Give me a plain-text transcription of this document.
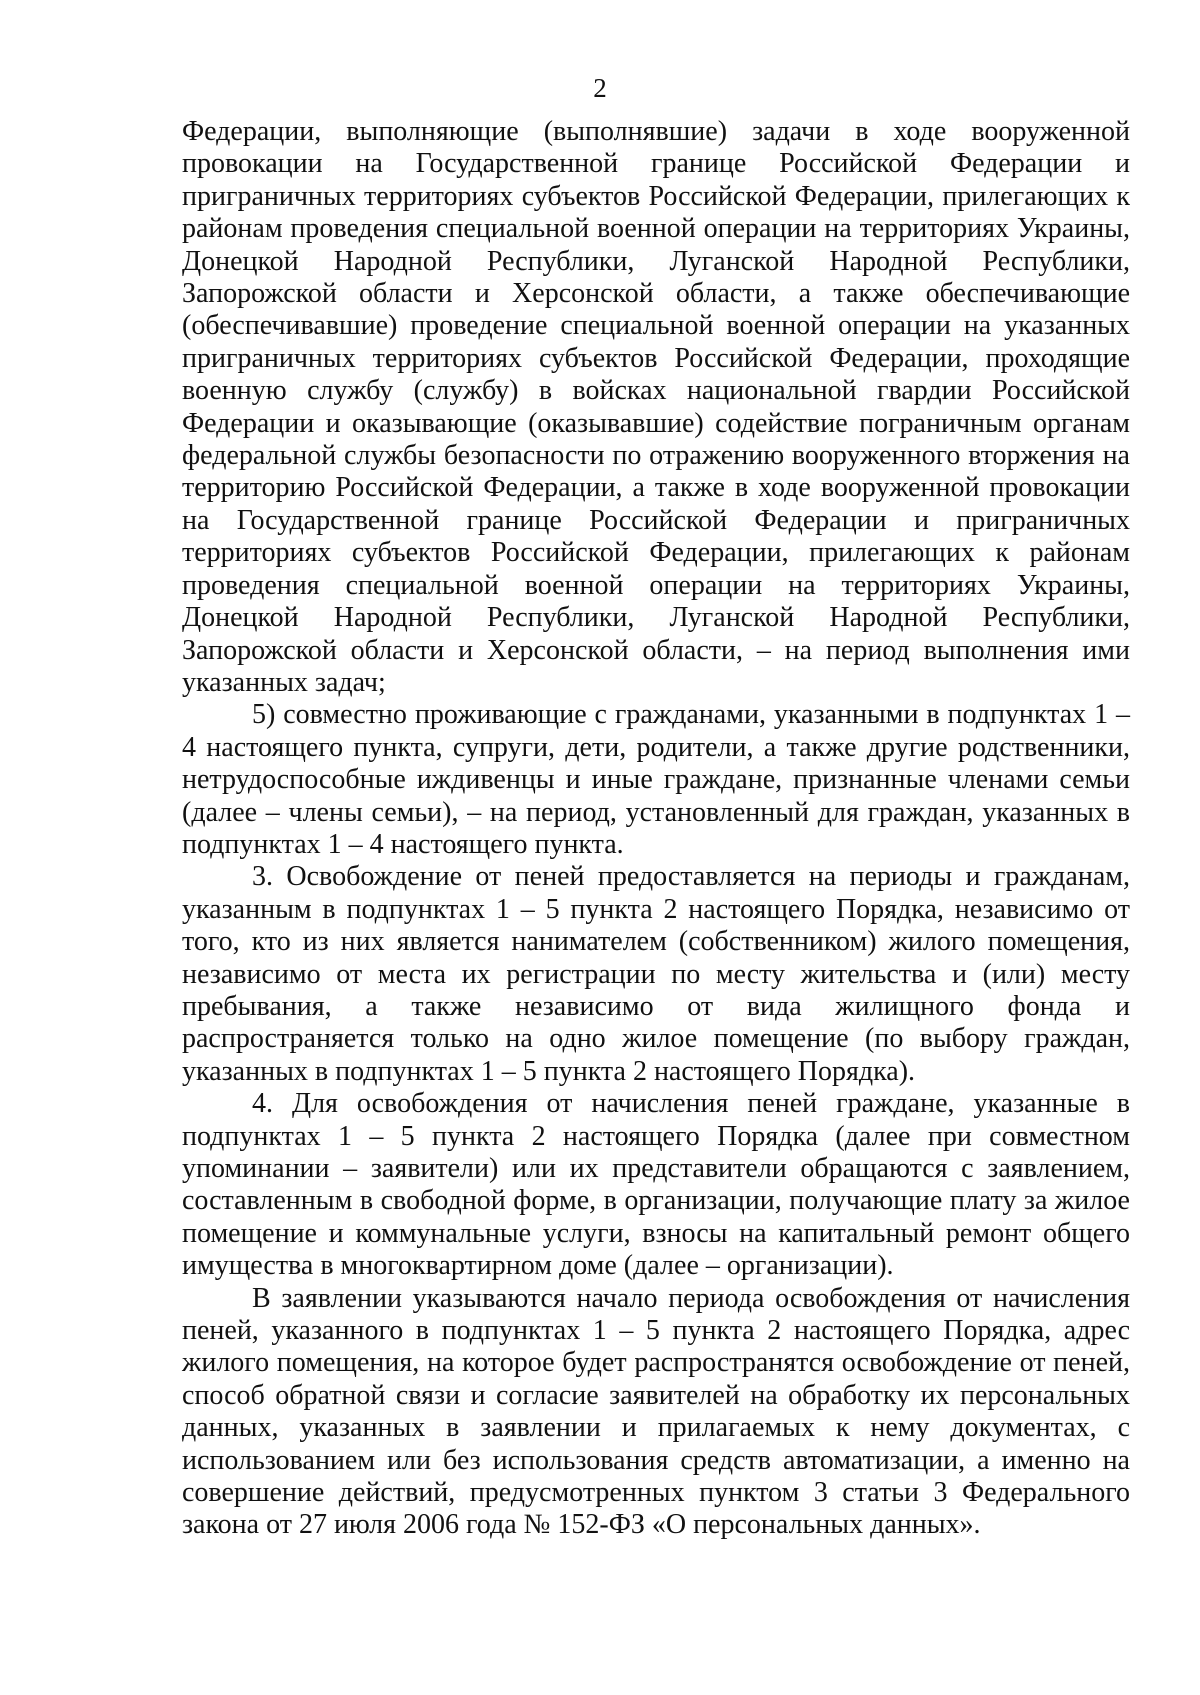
2

Федерации, выполняющие (выполнявшие) задачи в ходе вооруженной провокации на Государственной границе Российской Федерации и приграничных территориях субъектов Российской Федерации, прилегающих к районам проведения специальной военной операции на территориях Украины, Донецкой Народной Республики, Луганской Народной Республики, Запорожской области и Херсонской области, а также обеспечивающие (обеспечивавшие) проведение специальной военной операции на указанных приграничных территориях субъектов Российской Федерации, проходящие военную службу (службу) в войсках национальной гвардии Российской Федерации и оказывающие (оказывавшие) содействие пограничным органам федеральной службы безопасности по отражению вооруженного вторжения на территорию Российской Федерации, а также в ходе вооруженной провокации на Государственной границе Российской Федерации и приграничных территориях субъектов Российской Федерации, прилегающих к районам проведения специальной военной операции на территориях Украины, Донецкой Народной Республики, Луганской Народной Республики, Запорожской области и Херсонской области, – на период выполнения ими указанных задач;

5) совместно проживающие с гражданами, указанными в подпунктах 1 – 4 настоящего пункта, супруги, дети, родители, а также другие родственники, нетрудоспособные иждивенцы и иные граждане, признанные членами семьи (далее – члены семьи), – на период, установленный для граждан, указанных в подпунктах 1 – 4 настоящего пункта.

3. Освобождение от пеней предоставляется на периоды и гражданам, указанным в подпунктах 1 – 5 пункта 2 настоящего Порядка, независимо от того, кто из них является нанимателем (собственником) жилого помещения, независимо от места их регистрации по месту жительства и (или) месту пребывания, а также независимо от вида жилищного фонда и распространяется только на одно жилое помещение (по выбору граждан, указанных в подпунктах 1 – 5 пункта 2 настоящего Порядка).

4. Для освобождения от начисления пеней граждане, указанные в подпунктах 1 – 5 пункта 2 настоящего Порядка (далее при совместном упоминании – заявители) или их представители обращаются с заявлением, составленным в свободной форме, в организации, получающие плату за жилое помещение и коммунальные услуги, взносы на капитальный ремонт общего имущества в многоквартирном доме (далее – организации).

В заявлении указываются начало периода освобождения от начисления пеней, указанного в подпунктах 1 – 5 пункта 2 настоящего Порядка, адрес жилого помещения, на которое будет распространятся освобождение от пеней, способ обратной связи и согласие заявителей на обработку их персональных данных, указанных в заявлении и прилагаемых к нему документах, с использованием или без использования средств автоматизации, а именно на совершение действий, предусмотренных пунктом 3 статьи 3 Федерального закона от 27 июля 2006 года № 152-ФЗ «О персональных данных».
